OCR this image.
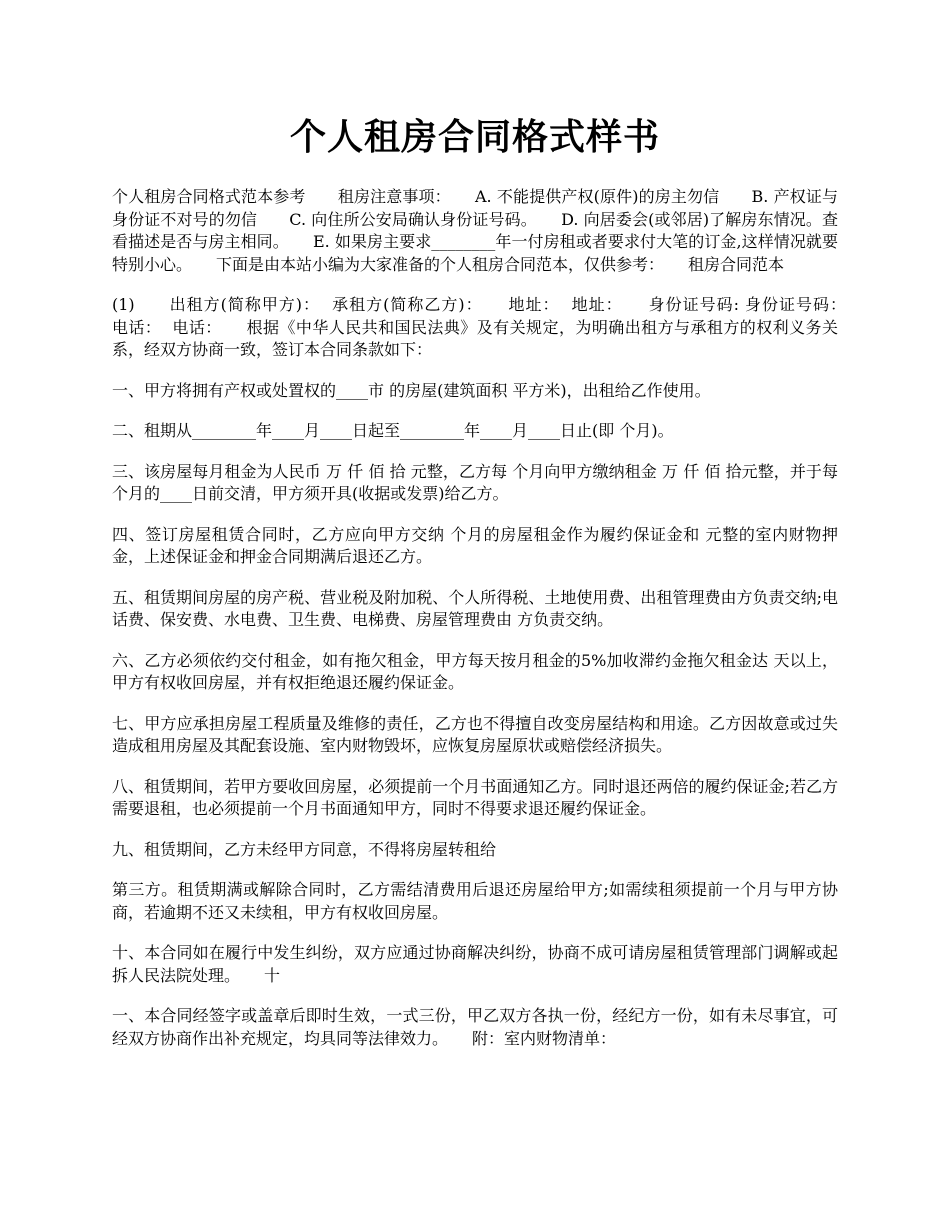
个人租房合同格式样书

个人租房合同格式范本参考　　租房注意事项：　　A. 不能提供产权(原件)的房主勿信　　B. 产权证与身份证不对号的勿信　　C. 向住所公安局确认身份证号码。　　D. 向居委会(或邻居)了解房东情况。查看描述是否与房主相同。　　E. 如果房主要求________年一付房租或者要求付大笔的订金,这样情况就要特别小心。　　下面是由本站小编为大家准备的个人租房合同范本，仅供参考：　　租房合同范本

(1)　　出租方(简称甲方)：  承租方(简称乙方)：　　地址：  地址：　　身份证号码: 身份证号码：　　电话：  电话：　　根据《中华人民共和国民法典》及有关规定，为明确出租方与承租方的权利义务关系，经双方协商一致，签订本合同条款如下：

一、甲方将拥有产权或处置权的____市 的房屋(建筑面积 平方米)，出租给乙作使用。

二、租期从________年____月____日起至________年____月____日止(即 个月)。

三、该房屋每月租金为人民币 万 仟 佰 拾 元整，乙方每 个月向甲方缴纳租金 万 仟 佰 拾元整，并于每 个月的____日前交清，甲方须开具(收据或发票)给乙方。

四、签订房屋租赁合同时，乙方应向甲方交纳 个月的房屋租金作为履约保证金和 元整的室内财物押金，上述保证金和押金合同期满后退还乙方。

五、租赁期间房屋的房产税、营业税及附加税、个人所得税、土地使用费、出租管理费由方负责交纳;电话费、保安费、水电费、卫生费、电梯费、房屋管理费由 方负责交纳。

六、乙方必须依约交付租金，如有拖欠租金，甲方每天按月租金的5%加收滞约金拖欠租金达 天以上，甲方有权收回房屋，并有权拒绝退还履约保证金。

七、甲方应承担房屋工程质量及维修的责任，乙方也不得擅自改变房屋结构和用途。乙方因故意或过失造成租用房屋及其配套设施、室内财物毁坏，应恢复房屋原状或赔偿经济损失。

八、租赁期间，若甲方要收回房屋，必须提前一个月书面通知乙方。同时退还两倍的履约保证金;若乙方需要退租，也必须提前一个月书面通知甲方，同时不得要求退还履约保证金。

九、租赁期间，乙方未经甲方同意，不得将房屋转租给

第三方。租赁期满或解除合同时，乙方需结清费用后退还房屋给甲方;如需续租须提前一个月与甲方协商，若逾期不还又未续租，甲方有权收回房屋。

十、本合同如在履行中发生纠纷，双方应通过协商解决纠纷，协商不成可请房屋租赁管理部门调解或起拆人民法院处理。　　十

一、本合同经签字或盖章后即时生效，一式三份，甲乙双方各执一份，经纪方一份，如有未尽事宜，可经双方协商作出补充规定，均具同等法律效力。　　附：室内财物清单：
